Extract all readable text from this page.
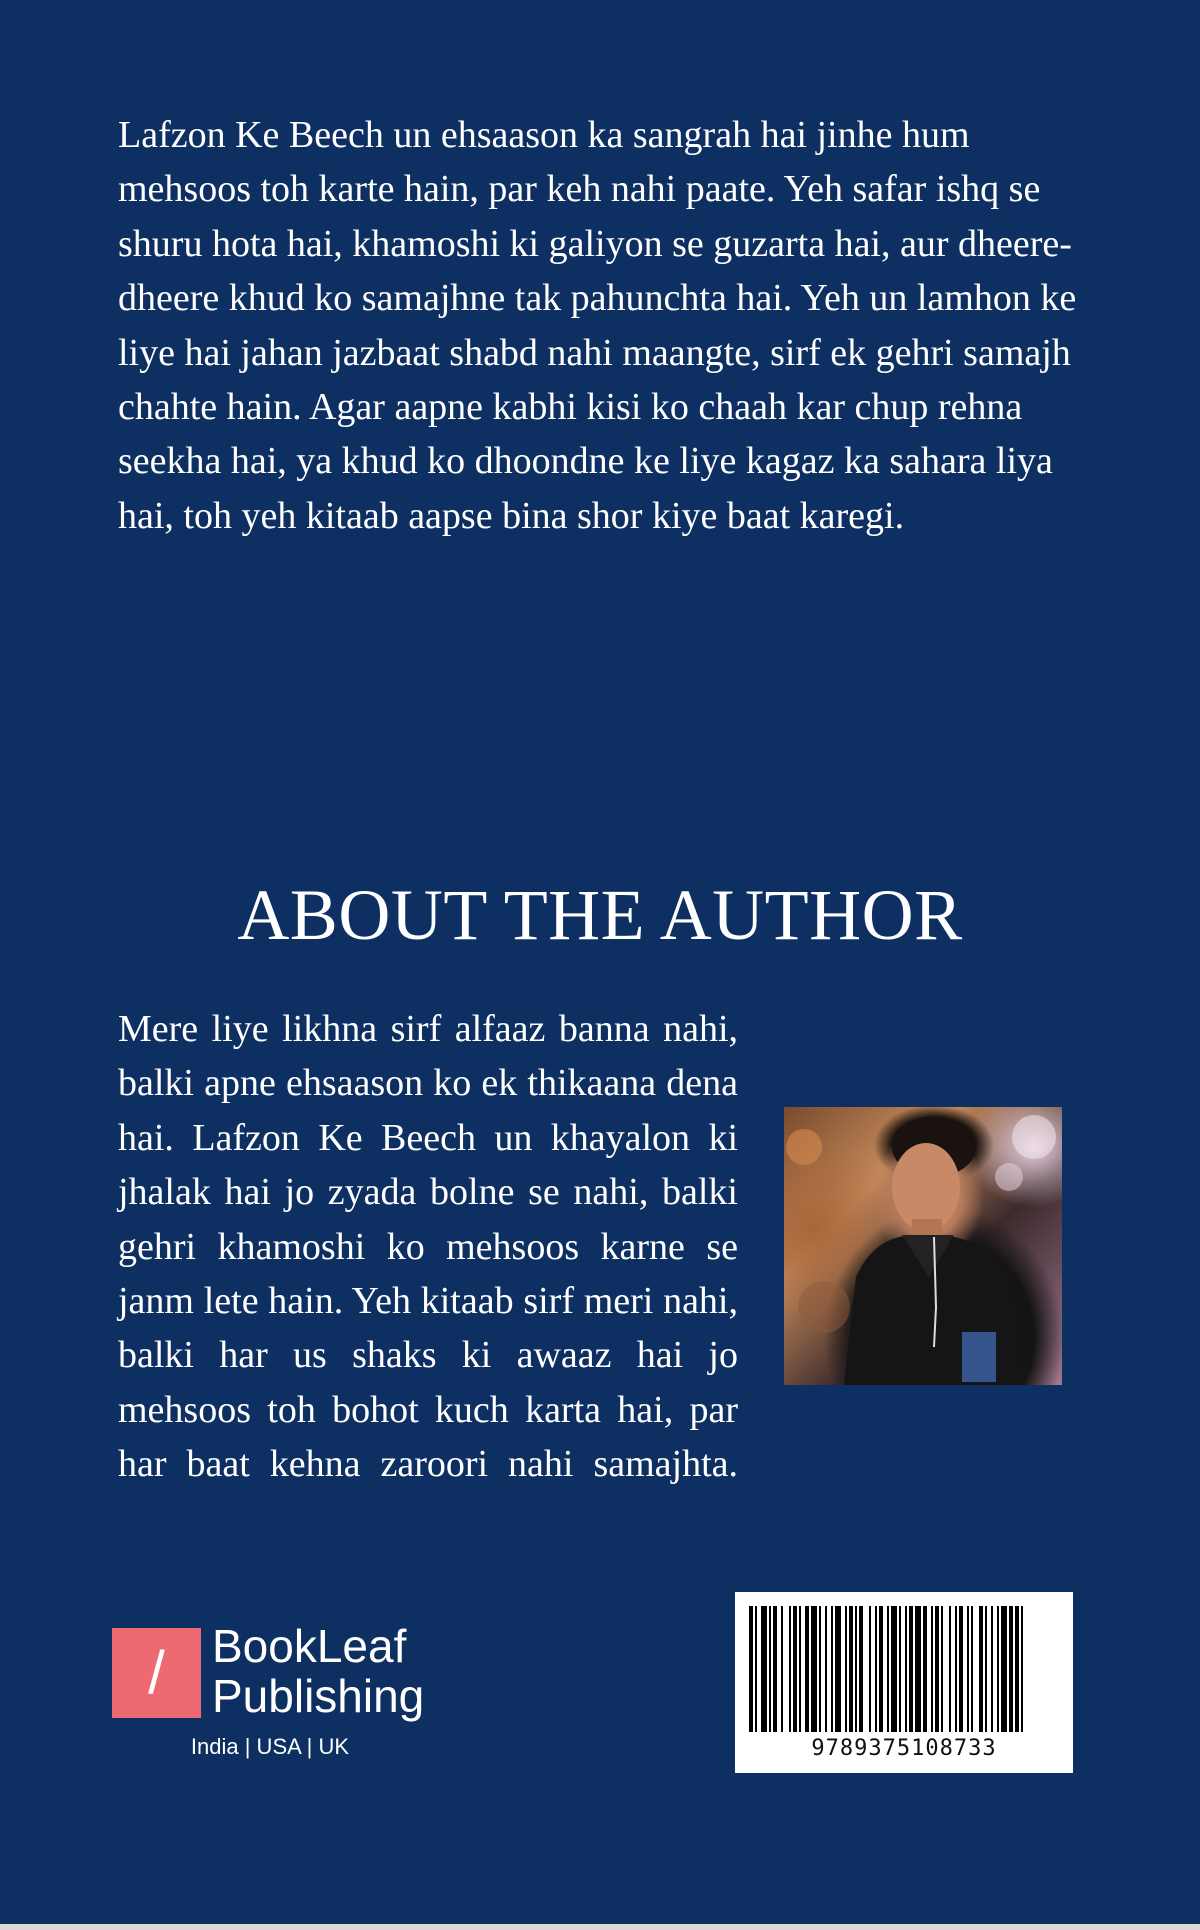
Lafzon Ke Beech un ehsaason ka sangrah hai jinhe hum mehsoos toh karte hain, par keh nahi paate. Yeh safar ishq se shuru hota hai, khamoshi ki galiyon se guzarta hai, aur dheere-dheere khud ko samajhne tak pahunchta hai. Yeh un lamhon ke liye hai jahan jazbaat shabd nahi maangte, sirf ek gehri samajh chahte hain. Agar aapne kabhi kisi ko chaah kar chup rehna seekha hai, ya khud ko dhoondne ke liye kagaz ka sahara liya hai, toh yeh kitaab aapse bina shor kiye baat karegi.

ABOUT THE AUTHOR

Mere liye likhna sirf alfaaz banna nahi, balki apne ehsaason ko ek thikaana dena hai. Lafzon Ke Beech un khayalon ki jhalak hai jo zyada bolne se nahi, balki gehri khamoshi ko mehsoos karne se janm lete hain. Yeh kitaab sirf meri nahi, balki har us shaks ki awaaz hai jo mehsoos toh bohot kuch karta hai, par har baat kehna zaroori nahi samajhta.

/	BookLeaf
Publishing
India | USA | UK	9789375108733
